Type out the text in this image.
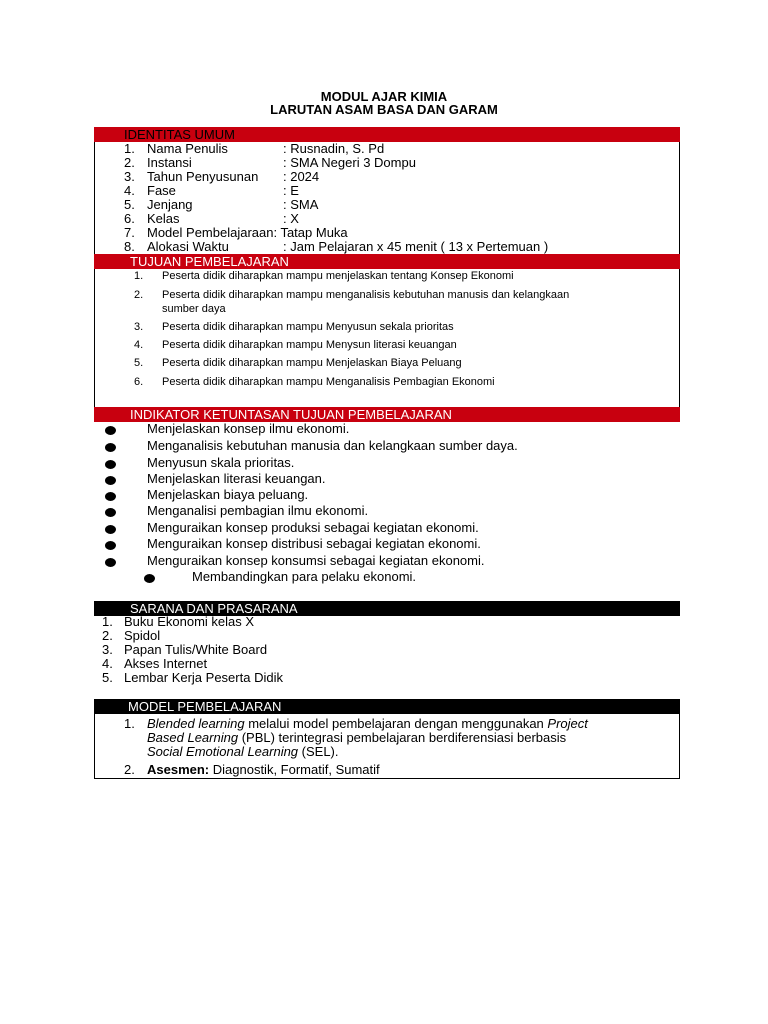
MODUL AJAR KIMIA
LARUTAN ASAM BASA DAN GARAM
IDENTITAS UMUM
1. Nama Penulis	: Rusnadin, S. Pd
2. Instansi	: SMA Negeri 3 Dompu
3. Tahun Penyusunan : 2024
4. Fase	: E
5. Jenjang	: SMA
6. Kelas	: X
7. Model Pembelajaraan: Tatap Muka
8. Alokasi Waktu	: Jam Pelajaran x 45 menit ( 13 x Pertemuan )
TUJUAN PEMBELAJARAN
1. Peserta didik diharapkan mampu menjelaskan tentang Konsep Ekonomi
2. Peserta didik diharapkan mampu menganalisis kebutuhan manusis dan kelangkaan
sumber daya
3. Peserta didik diharapkan mampu Menyusun sekala prioritas
4. Peserta didik diharapkan mampu Menysun literasi keuangan
5. Peserta didik diharapkan mampu Menjelaskan Biaya Peluang
6. Peserta didik diharapkan mampu Menganalisis Pembagian Ekonomi
INDIKATOR KETUNTASAN TUJUAN PEMBELAJARAN
Menjelaskan konsep ilmu ekonomi.
Menganalisis kebutuhan manusia dan kelangkaan sumber daya.
Menyusun skala prioritas.
Menjelaskan literasi keuangan.
Menjelaskan biaya peluang.
Menganalisi pembagian ilmu ekonomi.
Menguraikan konsep produksi sebagai kegiatan ekonomi.
Menguraikan konsep distribusi sebagai kegiatan ekonomi.
Menguraikan konsep konsumsi sebagai kegiatan ekonomi.
Membandingkan para pelaku ekonomi.
SARANA DAN PRASARANA
1. Buku Ekonomi kelas X
2. Spidol
3. Papan Tulis/White Board
4. Akses Internet
5. Lembar Kerja Peserta Didik
MODEL PEMBELAJARAN
1. Blended learning melalui model pembelajaran dengan menggunakan Project
Based Learning (PBL) terintegrasi pembelajaran berdiferensiasi berbasis
Social Emotional Learning (SEL).
2. Asesmen: Diagnostik, Formatif, Sumatif
